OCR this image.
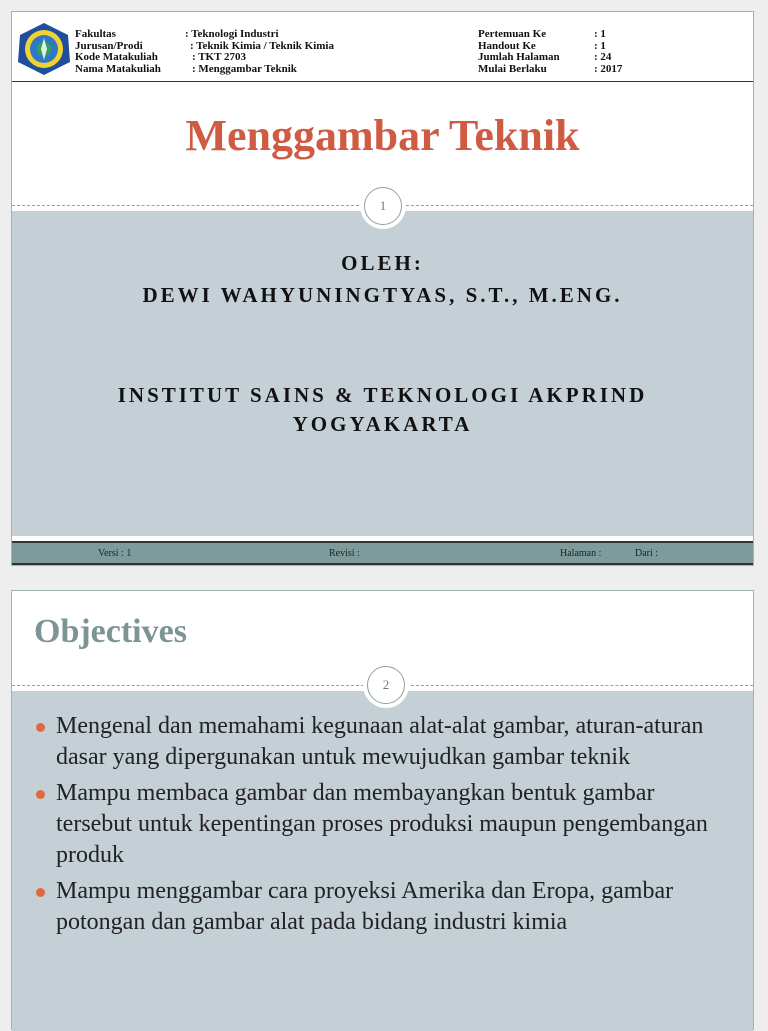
Fakultas	: Teknologi Industri
Jurusan/Prodi	: Teknik Kimia / Teknik Kimia
Kode Matakuliah	: TKT 2703
Nama Matakuliah	: Menggambar Teknik
Pertemuan Ke	: 1
Handout Ke	: 1
Jumlah Halaman	: 24
Mulai Berlaku	: 2017
Menggambar Teknik
OLEH:
DEWI WAHYUNINGTYAS, S.T., M.ENG.
INSTITUT SAINS & TEKNOLOGI AKPRIND
YOGYAKARTA
1
Versi : 1	Revisi :	Halaman :	Dari :
Objectives
2
Mengenal dan memahami kegunaan alat-alat gambar, aturan-aturan dasar yang dipergunakan untuk mewujudkan gambar teknik
Mampu membaca gambar dan membayangkan bentuk gambar tersebut untuk kepentingan proses produksi maupun pengembangan produk
Mampu menggambar cara proyeksi Amerika dan Eropa, gambar potongan dan gambar alat pada bidang industri kimia
